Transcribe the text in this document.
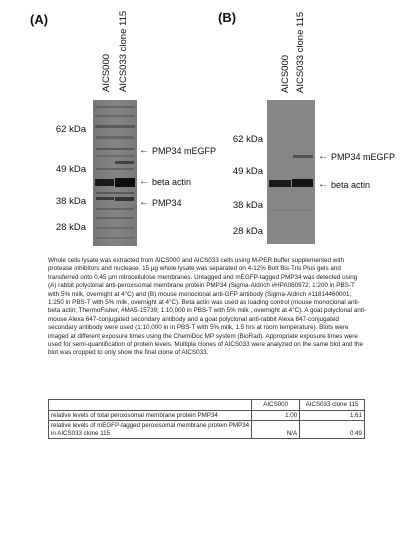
(A)
AICS000 AICS033 clone 115
62 kDa
49 kDa
38 kDa
28 kDa
← PMP34 mEGFP
← beta actin
← PMP34
(B)
AICS000 AICS033 clone 115
62 kDa
49 kDa
38 kDa
28 kDa
← PMP34 mEGFP
← beta actin
Whole cells lysate was extracted from AICS000 and AICS033 cells using M-PER buffer supplemented with protease inhibitors and nuclease. 15 µg whole lysate was separated on 4-12% Bolt Bis-Tris Plus gels and transferred onto 0.45 µm nitrocellulose membranes. Untagged and mEGFP-tagged PMP34 was detected using (A) rabbit polyclonal anti-peroxisomal membrane protein PMP34 (Sigma-Aldrich #HPA060972; 1:200 in PBS-T with 5% milk, overnight at 4°C) and (B) mouse monoclonal anti-GFP antibody (Sigma-Aldrich #11814460001; 1:250 in PBS-T with 5% milk, overnight at 4°C). Beta actin was used as loading control (mouse monoclonal anti-beta actin; ThermoFisher, #MA5-15739; 1:10,000 in PBS-T with 5% milk , overnight at 4°C). A goat polyclonal anti-mouse Alexa 647-conjugated secondary antibody and a goat polyclonal anti-rabbit Alexa 647-conjugated secondary antibody were used (1:10,000 in in PBS-T with 5% milk, 1.5 hrs at room temperature). Blots were imaged at different exposure times using the ChemiDoc MP system (BioRad). Appropriate exposure times were used for semi-quantification of protein levels. Multiple clones of AICS033 were analyzed on the same blot and the blot was cropped to only show the final clone of AICS033.
	AICS000	AICS033 clone 115
relative levels of total peroxisomal membrane protein PMP34	1.00	1.61
relative levels of mEGFP-tagged peroxisomal membrane protein PMP34 in AICS033 clone 115	N/A	0.49
